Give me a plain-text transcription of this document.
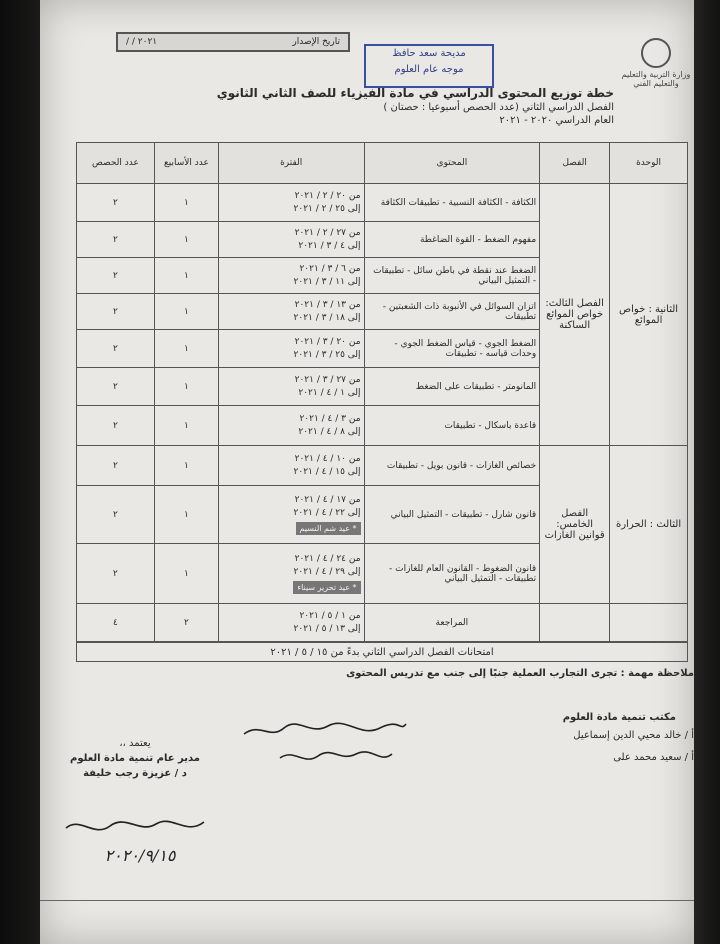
تاريخ الإصدار
٢٠٢١ / /
مديحة سعد حافظ
موجه عام العلوم	وزارة التربية والتعليم
والتعليم الفني
خطة توزيع المحتوى الدراسي في مادة الفيزياء للصف الثاني الثانوي
الفصل الدراسي الثاني (عدد الحصص أسبوعيا : حصتان )
العام الدراسي ٢٠٢٠ - ٢٠٢١
الوحدة	الفصل	المحتوى	الفترة	عدد الأسابيع	عدد الحصص
الثانية : خواص الموائع	الفصل الثالث: خواص الموائع الساكنة	الكثافة - الكثافة النسبية - تطبيقات الكثافة	من ٢٠ / ٢ / ٢٠٢١
إلى ٢٥ / ٢ / ٢٠٢١	١	٢
		مفهوم الضغط - القوة الضاغطة	من ٢٧ / ٢ / ٢٠٢١
إلى ٤ / ٣ / ٢٠٢١	١	٢
		الضغط عند نقطة في باطن سائل - تطبيقات - التمثيل البياني	من ٦ / ٣ / ٢٠٢١
إلى ١١ / ٣ / ٢٠٢١	١	٢
		اتزان السوائل في الأنبوبة ذات الشعبتين - تطبيقات	من ١٣ / ٣ / ٢٠٢١
إلى ١٨ / ٣ / ٢٠٢١	١	٢
		الضغط الجوي - قياس الضغط الجوي - وحدات قياسه - تطبيقات	من ٢٠ / ٣ / ٢٠٢١
إلى ٢٥ / ٣ / ٢٠٢١	١	٢
		المانومتر - تطبيقات على الضغط	من ٢٧ / ٣ / ٢٠٢١
إلى ١ / ٤ / ٢٠٢١	١	٢
		قاعدة باسكال - تطبيقات	من ٣ / ٤ / ٢٠٢١
إلى ٨ / ٤ / ٢٠٢١	١	٢
الثالث : الحرارة	الفصل الخامس: قوانين الغازات	خصائص الغازات - قانون بويل - تطبيقات	من ١٠ / ٤ / ٢٠٢١
إلى ١٥ / ٤ / ٢٠٢١	١	٢
		قانون شارل - تطبيقات - التمثيل البياني	من ١٧ / ٤ / ٢٠٢١
إلى ٢٢ / ٤ / ٢٠٢١
* عيد شم النسيم	١	٢
		قانون الضغوط - القانون العام للغازات - تطبيقات - التمثيل البياني	من ٢٤ / ٤ / ٢٠٢١
إلى ٢٩ / ٤ / ٢٠٢١
* عيد تحرير سيناء	١	٢
		المراجعة	من ١ / ٥ / ٢٠٢١
إلى ١٣ / ٥ / ٢٠٢١	٢	٤
امتحانات الفصل الدراسي الثاني بدءً من ١٥ / ٥ / ٢٠٢١
ملاحظة مهمة : تجرى التجارب العملية جنبًا إلى جنب مع تدريس المحتوى
مكتب تنمية مادة العلوم
أ / خالد محيي الدين إسماعيل
أ / سعيد محمد على
يعتمد ،،
مدير عام تنمية مادة العلوم
د / عزيزة رجب خليفة
٢٠٢٠/٩/١٥
